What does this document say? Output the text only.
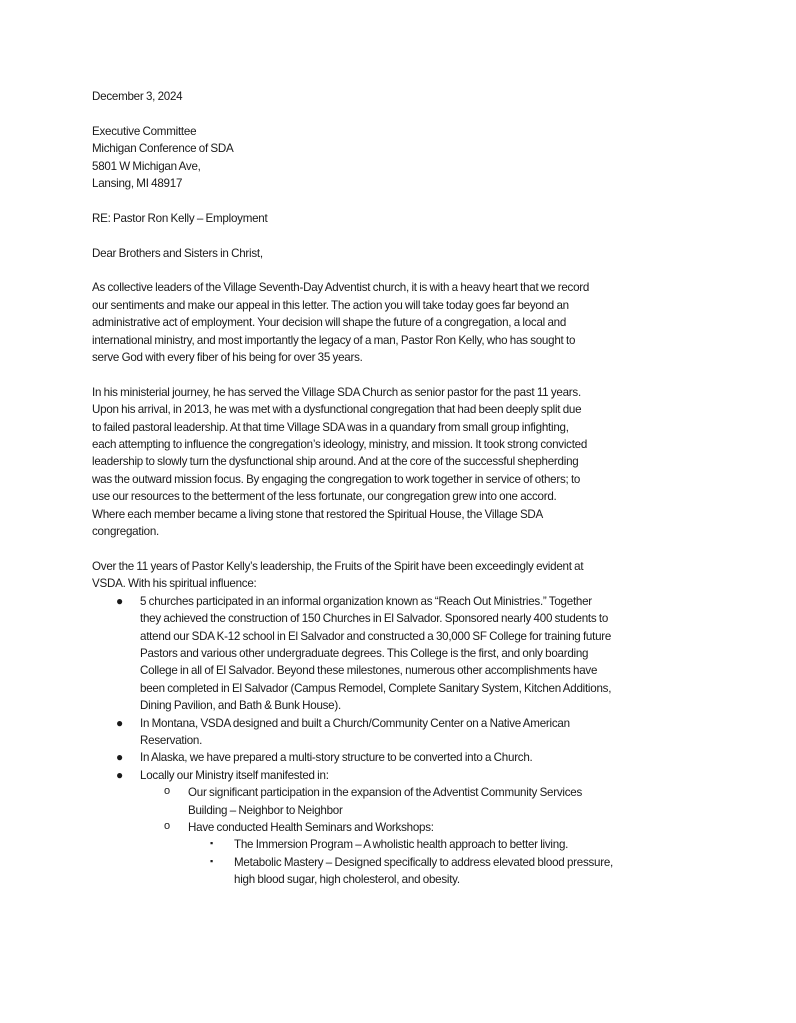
December 3, 2024
Executive Committee
Michigan Conference of SDA
5801 W Michigan Ave,
Lansing, MI 48917
RE: Pastor Ron Kelly – Employment
Dear Brothers and Sisters in Christ,
As collective leaders of the Village Seventh-Day Adventist church, it is with a heavy heart that we record
our sentiments and make our appeal in this letter. The action you will take today goes far beyond an
administrative act of employment. Your decision will shape the future of a congregation, a local and
international ministry, and most importantly the legacy of a man, Pastor Ron Kelly, who has sought to
serve God with every fiber of his being for over 35 years.
In his ministerial journey, he has served the Village SDA Church as senior pastor for the past 11 years.
Upon his arrival, in 2013, he was met with a dysfunctional congregation that had been deeply split due
to failed pastoral leadership. At that time Village SDA was in a quandary from small group infighting,
each attempting to influence the congregation’s ideology, ministry, and mission. It took strong convicted
leadership to slowly turn the dysfunctional ship around. And at the core of the successful shepherding
was the outward mission focus. By engaging the congregation to work together in service of others; to
use our resources to the betterment of the less fortunate, our congregation grew into one accord.
Where each member became a living stone that restored the Spiritual House, the Village SDA
congregation.
Over the 11 years of Pastor Kelly’s leadership, the Fruits of the Spirit have been exceedingly evident at
VSDA. With his spiritual influence:
● 5 churches participated in an informal organization known as “Reach Out Ministries.” Together
they achieved the construction of 150 Churches in El Salvador. Sponsored nearly 400 students to
attend our SDA K-12 school in El Salvador and constructed a 30,000 SF College for training future
Pastors and various other undergraduate degrees. This College is the first, and only boarding
College in all of El Salvador. Beyond these milestones, numerous other accomplishments have
been completed in El Salvador (Campus Remodel, Complete Sanitary System, Kitchen Additions,
Dining Pavilion, and Bath & Bunk House).
● In Montana, VSDA designed and built a Church/Community Center on a Native American
Reservation.
● In Alaska, we have prepared a multi-story structure to be converted into a Church.
● Locally our Ministry itself manifested in:
o Our significant participation in the expansion of the Adventist Community Services
Building – Neighbor to Neighbor
o Have conducted Health Seminars and Workshops:
▪ The Immersion Program – A wholistic health approach to better living.
▪ Metabolic Mastery – Designed specifically to address elevated blood pressure,
high blood sugar, high cholesterol, and obesity.
